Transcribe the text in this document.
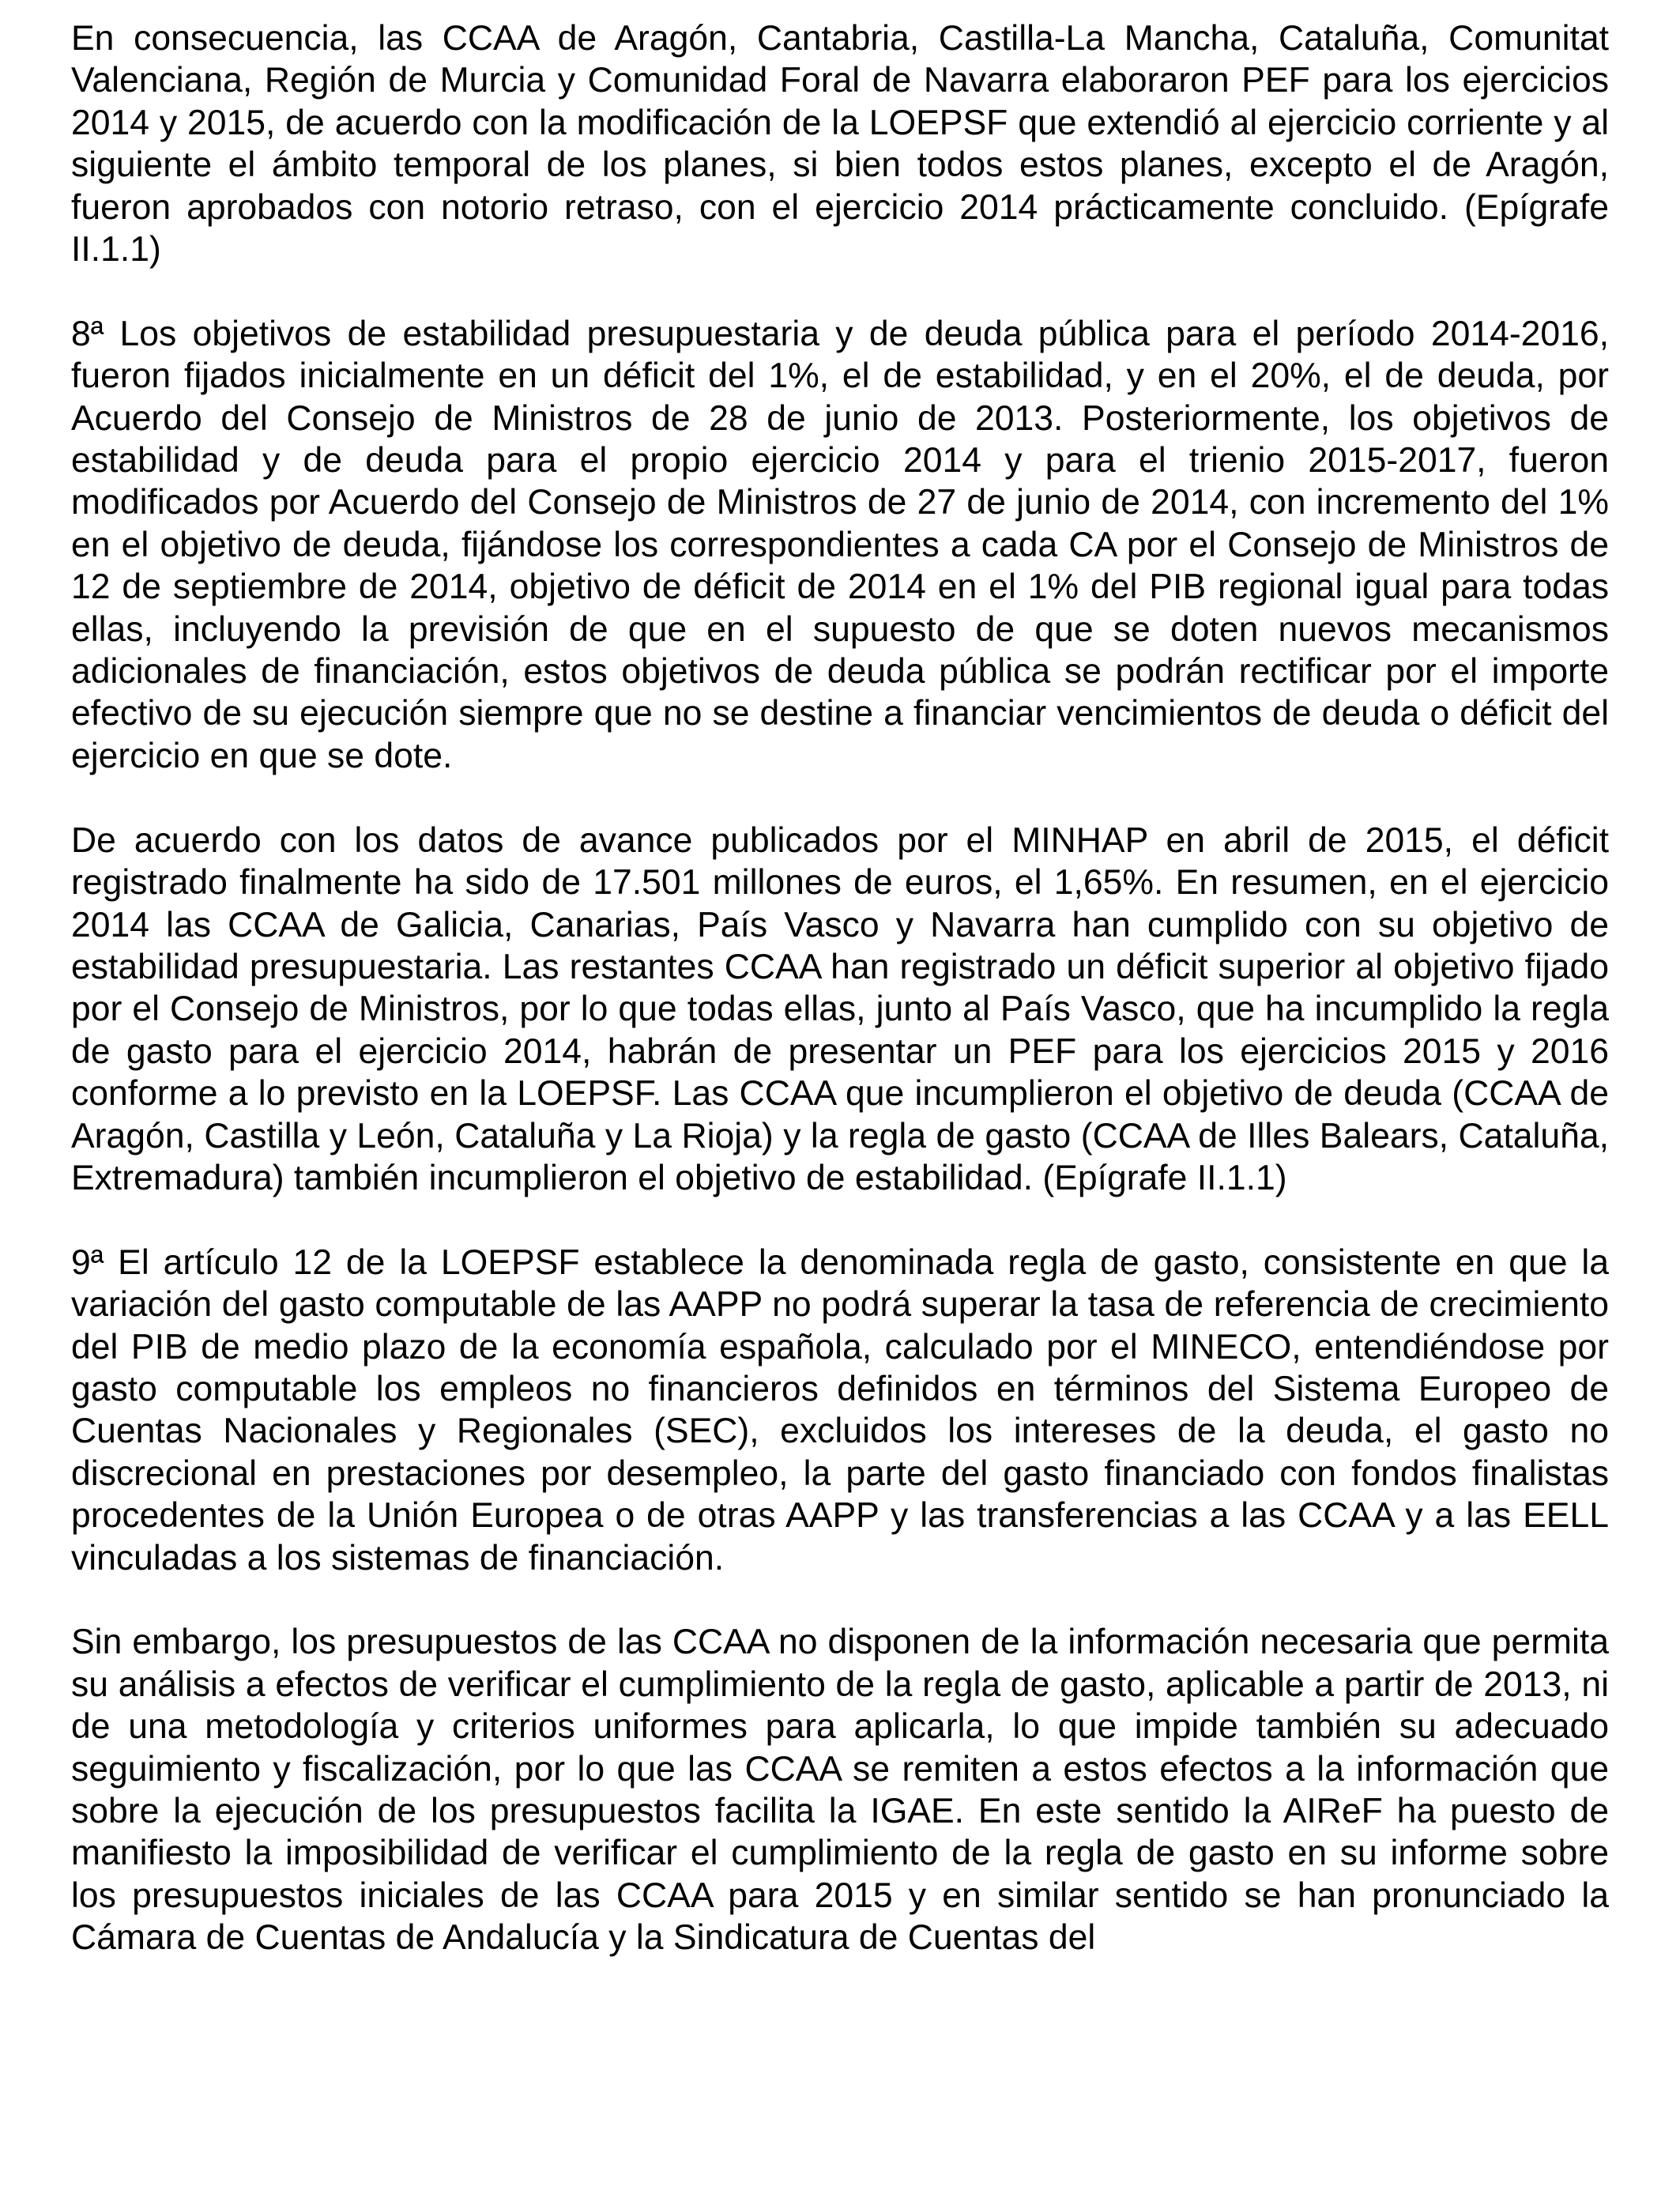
En consecuencia, las CCAA de Aragón, Cantabria, Castilla-La Mancha, Cataluña, Comunitat Valenciana, Región de Murcia y Comunidad Foral de Navarra elaboraron PEF para los ejercicios 2014 y 2015, de acuerdo con la modificación de la LOEPSF que extendió al ejercicio corriente y al siguiente el ámbito temporal de los planes, si bien todos estos planes, excepto el de Aragón, fueron aprobados con notorio retraso, con el ejercicio 2014 prácticamente concluido. (Epígrafe II.1.1)

8ª Los objetivos de estabilidad presupuestaria y de deuda pública para el período 2014-2016, fueron fijados inicialmente en un déficit del 1%, el de estabilidad, y en el 20%, el de deuda, por Acuerdo del Consejo de Ministros de 28 de junio de 2013. Posteriormente, los objetivos de estabilidad y de deuda para el propio ejercicio 2014 y para el trienio 2015-2017, fueron modificados por Acuerdo del Consejo de Ministros de 27 de junio de 2014, con incremento del 1% en el objetivo de deuda, fijándose los correspondientes a cada CA por el Consejo de Ministros de 12 de septiembre de 2014, objetivo de déficit de 2014 en el 1% del PIB regional igual para todas ellas, incluyendo la previsión de que en el supuesto de que se doten nuevos mecanismos adicionales de financiación, estos objetivos de deuda pública se podrán rectificar por el importe efectivo de su ejecución siempre que no se destine a financiar vencimientos de deuda o déficit del ejercicio en que se dote.

De acuerdo con los datos de avance publicados por el MINHAP en abril de 2015, el déficit registrado finalmente ha sido de 17.501 millones de euros, el 1,65%. En resumen, en el ejercicio 2014 las CCAA de Galicia, Canarias, País Vasco y Navarra han cumplido con su objetivo de estabilidad presupuestaria. Las restantes CCAA han registrado un déficit superior al objetivo fijado por el Consejo de Ministros, por lo que todas ellas, junto al País Vasco, que ha incumplido la regla de gasto para el ejercicio 2014, habrán de presentar un PEF para los ejercicios 2015 y 2016 conforme a lo previsto en la LOEPSF. Las CCAA que incumplieron el objetivo de deuda (CCAA de Aragón, Castilla y León, Cataluña y La Rioja) y la regla de gasto (CCAA de Illes Balears, Cataluña, Extremadura) también incumplieron el objetivo de estabilidad. (Epígrafe II.1.1)

9ª El artículo 12 de la LOEPSF establece la denominada regla de gasto, consistente en que la variación del gasto computable de las AAPP no podrá superar la tasa de referencia de crecimiento del PIB de medio plazo de la economía española, calculado por el MINECO, entendiéndose por gasto computable los empleos no financieros definidos en términos del Sistema Europeo de Cuentas Nacionales y Regionales (SEC), excluidos los intereses de la deuda, el gasto no discrecional en prestaciones por desempleo, la parte del gasto financiado con fondos finalistas procedentes de la Unión Europea o de otras AAPP y las transferencias a las CCAA y a las EELL vinculadas a los sistemas de financiación.

Sin embargo, los presupuestos de las CCAA no disponen de la información necesaria que permita su análisis a efectos de verificar el cumplimiento de la regla de gasto, aplicable a partir de 2013, ni de una metodología y criterios uniformes para aplicarla, lo que impide también su adecuado seguimiento y fiscalización, por lo que las CCAA se remiten a estos efectos a la información que sobre la ejecución de los presupuestos facilita la IGAE. En este sentido la AIReF ha puesto de manifiesto la imposibilidad de verificar el cumplimiento de la regla de gasto en su informe sobre los presupuestos iniciales de las CCAA para 2015 y en similar sentido se han pronunciado la Cámara de Cuentas de Andalucía y la Sindicatura de Cuentas del
